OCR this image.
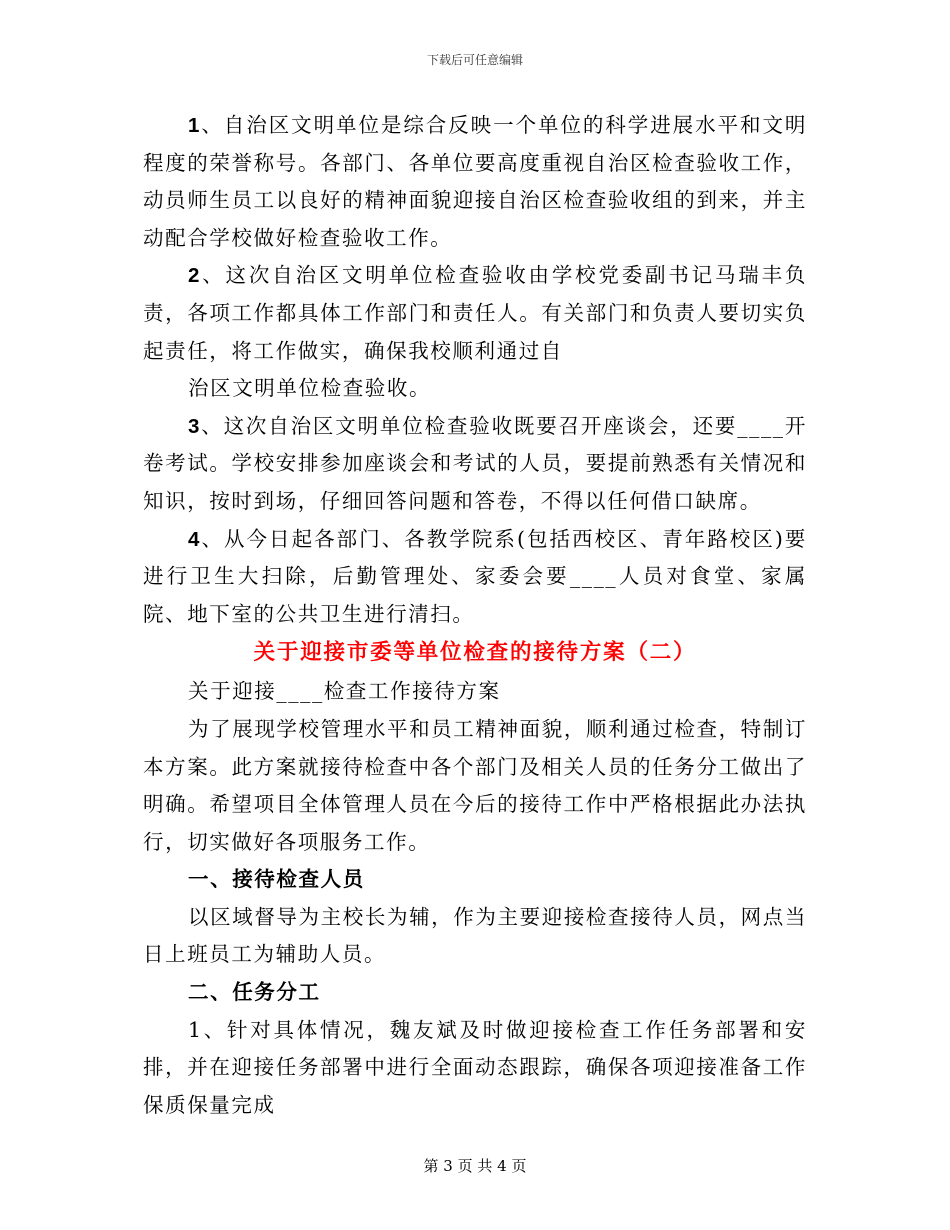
下载后可任意编辑

1、自治区文明单位是综合反映一个单位的科学进展水平和文明程度的荣誉称号。各部门、各单位要高度重视自治区检查验收工作，动员师生员工以良好的精神面貌迎接自治区检查验收组的到来，并主动配合学校做好检查验收工作。

2、这次自治区文明单位检查验收由学校党委副书记马瑞丰负责，各项工作都具体工作部门和责任人。有关部门和负责人要切实负起责任，将工作做实，确保我校顺利通过自

治区文明单位检查验收。

3、这次自治区文明单位检查验收既要召开座谈会，还要____开卷考试。学校安排参加座谈会和考试的人员，要提前熟悉有关情况和知识，按时到场，仔细回答问题和答卷，不得以任何借口缺席。

4、从今日起各部门、各教学院系(包括西校区、青年路校区)要进行卫生大扫除，后勤管理处、家委会要____人员对食堂、家属院、地下室的公共卫生进行清扫。

关于迎接市委等单位检查的接待方案（二）

关于迎接____检查工作接待方案

为了展现学校管理水平和员工精神面貌，顺利通过检查，特制订本方案。此方案就接待检查中各个部门及相关人员的任务分工做出了明确。希望项目全体管理人员在今后的接待工作中严格根据此办法执行，切实做好各项服务工作。

一、接待检查人员

以区域督导为主校长为辅，作为主要迎接检查接待人员，网点当日上班员工为辅助人员。

二、任务分工

1、针对具体情况，魏友斌及时做迎接检查工作任务部署和安排，并在迎接任务部署中进行全面动态跟踪，确保各项迎接准备工作保质保量完成

第 3 页 共 4 页
